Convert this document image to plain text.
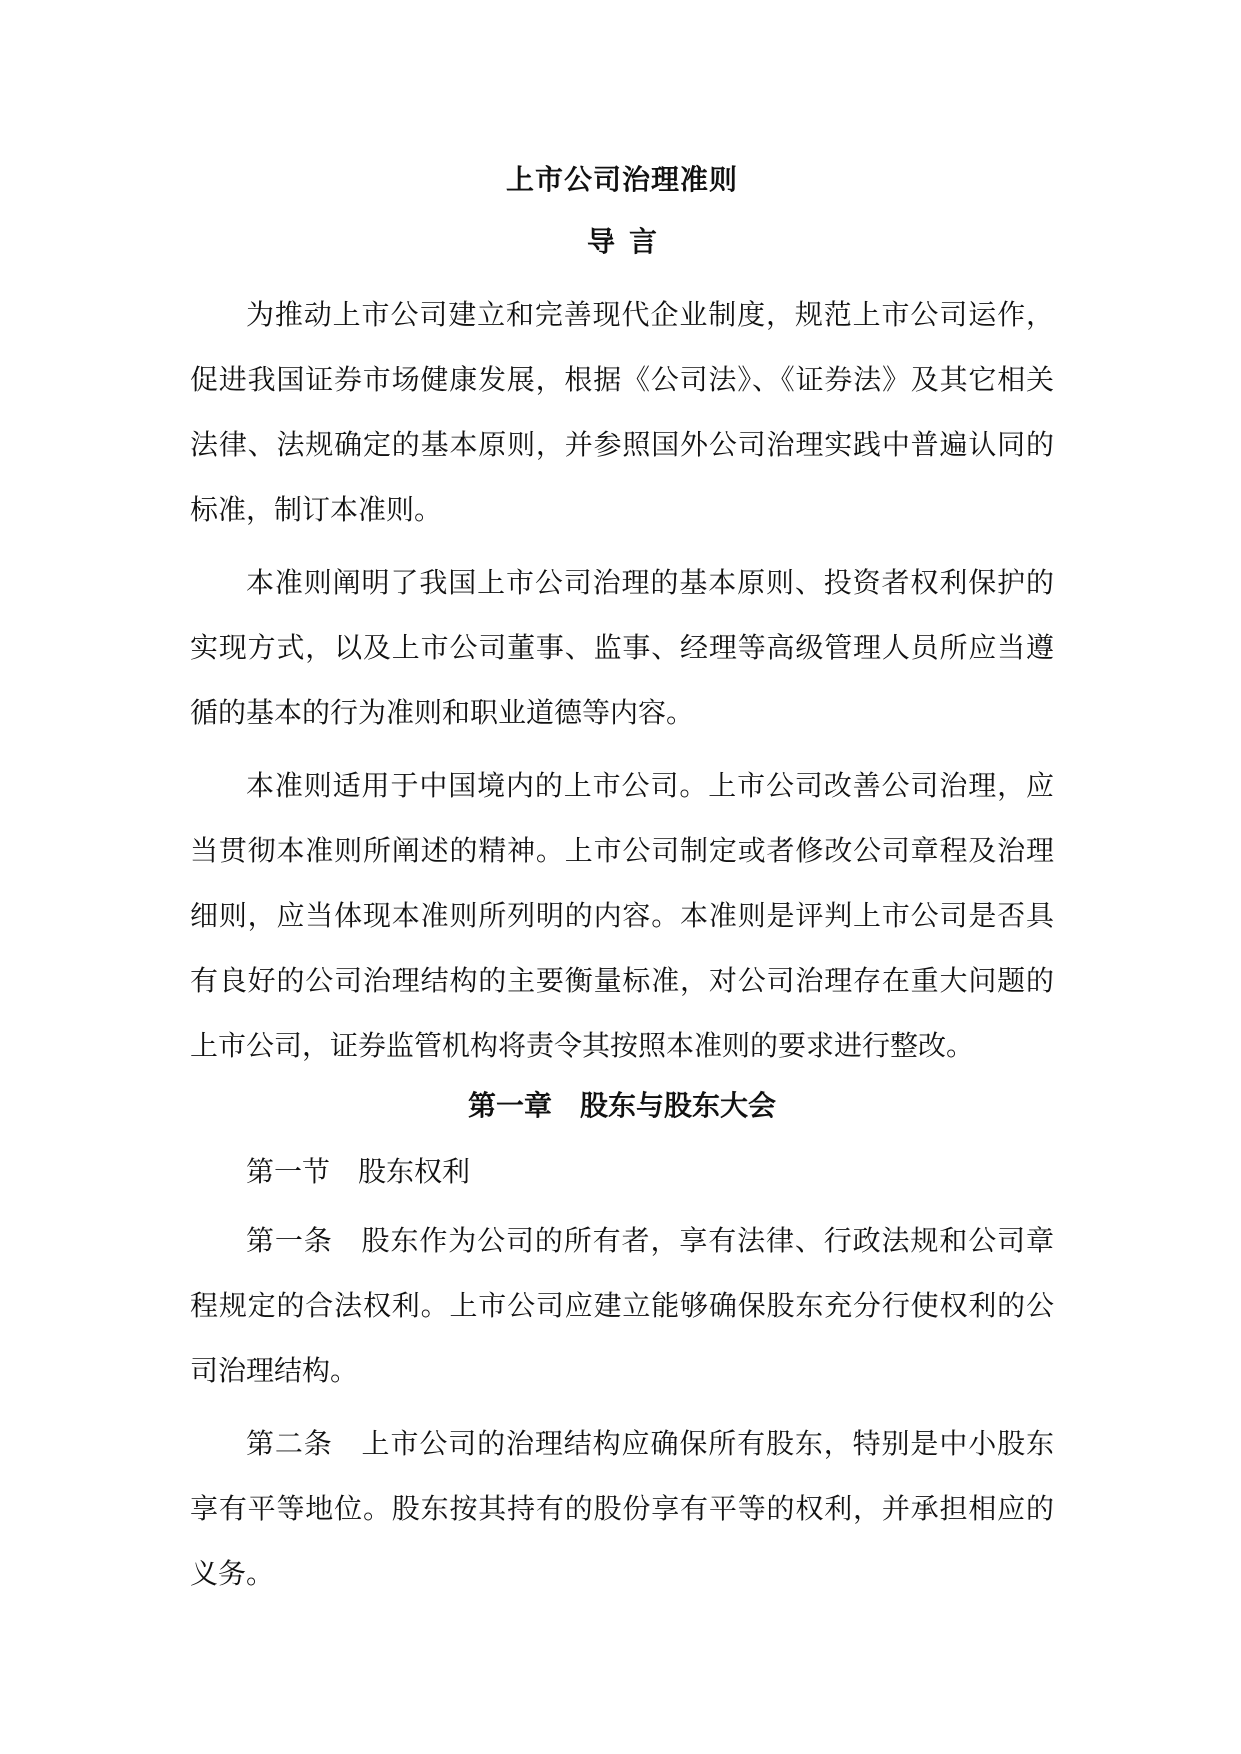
上市公司治理准则
导言

为推动上市公司建立和完善现代企业制度，规范上市公司运作，促进我国证券市场健康发展，根据《公司法》、《证券法》及其它相关法律、法规确定的基本原则，并参照国外公司治理实践中普遍认同的标准，制订本准则。

本准则阐明了我国上市公司治理的基本原则、投资者权利保护的实现方式，以及上市公司董事、监事、经理等高级管理人员所应当遵循的基本的行为准则和职业道德等内容。

本准则适用于中国境内的上市公司。上市公司改善公司治理，应当贯彻本准则所阐述的精神。上市公司制定或者修改公司章程及治理细则，应当体现本准则所列明的内容。本准则是评判上市公司是否具有良好的公司治理结构的主要衡量标准，对公司治理存在重大问题的上市公司，证券监管机构将责令其按照本准则的要求进行整改。

第一章 股东与股东大会

第一节 股东权利

第一条 股东作为公司的所有者，享有法律、行政法规和公司章程规定的合法权利。上市公司应建立能够确保股东充分行使权利的公司治理结构。

第二条 上市公司的治理结构应确保所有股东，特别是中小股东享有平等地位。股东按其持有的股份享有平等的权利，并承担相应的义务。
